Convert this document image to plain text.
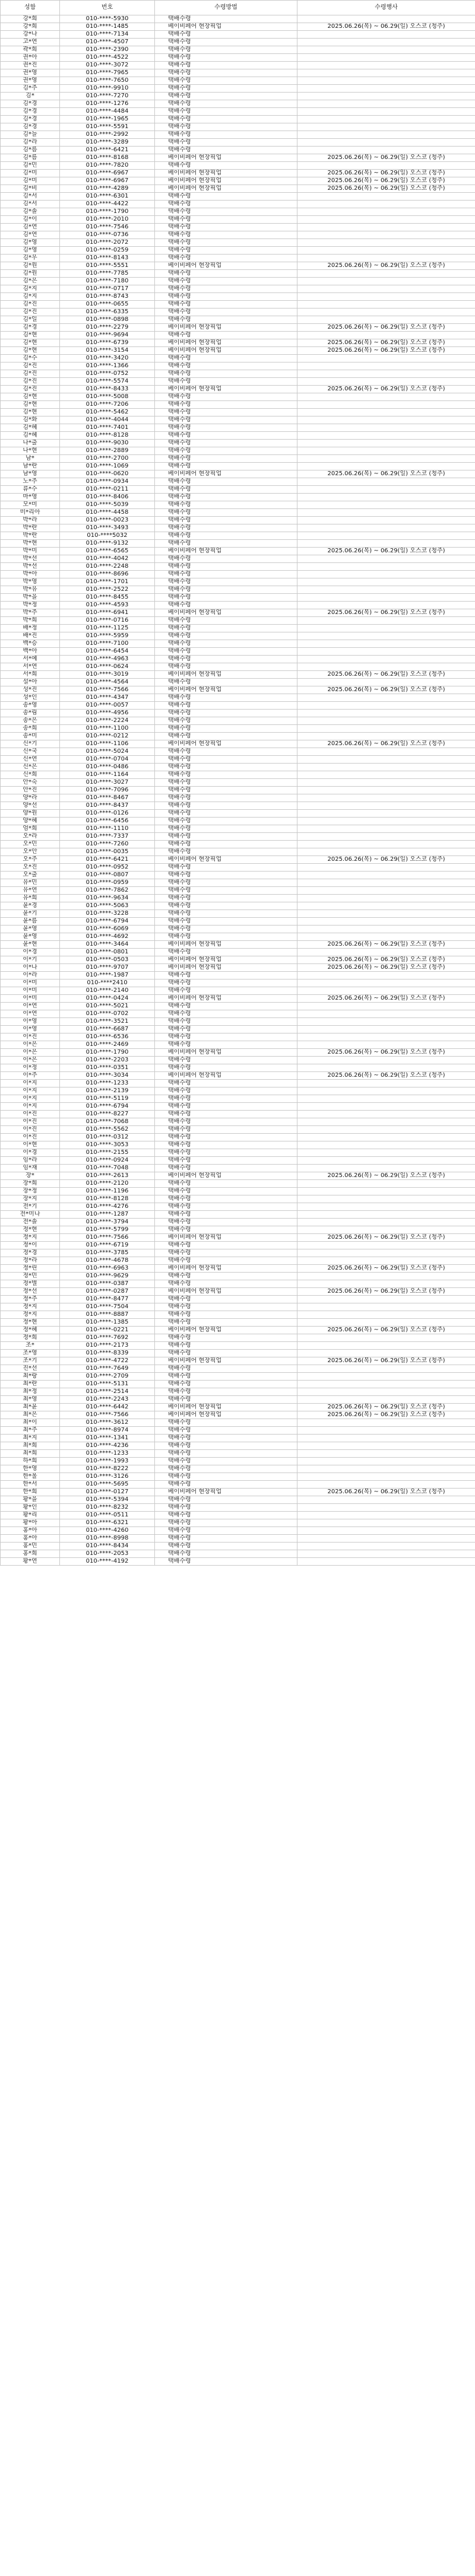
성함	번호	수령방법	수령행사
강*희	010-****-5930	택배수령	
강*희	010-****-1485	베이비페어 현장픽업	2025.06.26(목) ~ 06.29(일) 오스코 (청주)
강*나	010-****-7134	택배수령	
고*연	010-****-4507	택배수령	
곽*희	010-****-2390	택배수령	
권*아	010-****-4522	택배수령	
권*진	010-****-3072	택배수령	
권*영	010-****-7965	택배수령	
권*영	010-****-7650	택배수령	
김*주	010-****-9910	택배수령	
김*	010-****-7270	택배수령	
김*경	010-****-1276	택배수령	
김*경	010-****-4484	택배수령	
김*경	010-****-1965	택배수령	
김*경	010-****-5591	택배수령	
김*늘	010-****-2992	택배수령	
김*라	010-****-3289	택배수령	
김*름	010-****-6421	택배수령	
김*름	010-****-8168	베이비페어 현장픽업	2025.06.26(목) ~ 06.29(일) 오스코 (청주)
김*민	010-****-7820	택배수령	
김*미	010-****-6967	베이비페어 현장픽업	2025.06.26(목) ~ 06.29(일) 오스코 (청주)
김*미	010-****-6967	베이비페어 현장픽업	2025.06.26(목) ~ 06.29(일) 오스코 (청주)
김*비	010-****-4289	베이비페어 현장픽업	2025.06.26(목) ~ 06.29(일) 오스코 (청주)
김*서	010-****-6301	택배수령	
김*서	010-****-4422	택배수령	
김*솔	010-****-1790	택배수령	
김*이	010-****-2010	택배수령	
김*연	010-****-7546	택배수령	
김*연	010-****-0736	택배수령	
김*영	010-****-2072	택배수령	
김*영	010-****-0259	택배수령	
김*우	010-****-8143	택배수령	
김*원	010-****-5551	베이비페어 현장픽업	2025.06.26(목) ~ 06.29(일) 오스코 (청주)
김*원	010-****-7785	택배수령	
김*은	010-****-7180	택배수령	
김*지	010-****-0717	택배수령	
김*지	010-****-8743	택배수령	
김*진	010-****-0655	택배수령	
김*진	010-****-6335	택배수령	
김*일	010-****-0898	택배수령	
김*경	010-****-2279	베이비페어 현장픽업	2025.06.26(목) ~ 06.29(일) 오스코 (청주)
김*현	010-****-9694	택배수령	
김*현	010-****-6739	베이비페어 현장픽업	2025.06.26(목) ~ 06.29(일) 오스코 (청주)
김*현	010-****-3154	베이비페어 현장픽업	2025.06.26(목) ~ 06.29(일) 오스코 (청주)
김*수	010-****-3420	택배수령	
김*진	010-****-1366	택배수령	
김*진	010-****-0752	택배수령	
김*진	010-****-5574	택배수령	
김*진	010-****-8433	베이비페어 현장픽업	2025.06.26(목) ~ 06.29(일) 오스코 (청주)
김*현	010-****-5008	택배수령	
김*현	010-****-7206	택배수령	
김*현	010-****-5462	택배수령	
김*화	010-****-4044	택배수령	
김*혜	010-****-7401	택배수령	
김*혜	010-****-8128	택배수령	
나*출	010-****-9030	택배수령	
나*현	010-****-2889	택배수령	
남*	010-****-2700	택배수령	
남*란	010-****-1069	택배수령	
남*영	010-****-0620	베이비페어 현장픽업	2025.06.26(목) ~ 06.29(일) 오스코 (청주)
노*주	010-****-0934	택배수령	
류*수	010-****-0211	택배수령	
마*영	010-****-8406	택배수령	
모*미	010-****-5039	택배수령	
미*리아	010-****-4458	택배수령	
박*라	010-****-0023	택배수령	
박*란	010-****-3493	택배수령	
박*란	010-****5032	택배수령	
박*현	010-****-9132	택배수령	
박*미	010-****-6565	베이비페어 현장픽업	2025.06.26(목) ~ 06.29(일) 오스코 (청주)
박*선	010-****-4042	택배수령	
박*선	010-****-2248	택배수령	
박*아	010-****-8696	택배수령	
박*영	010-****-1701	택배수령	
박*유	010-****-2522	택배수령	
박*을	010-****-8455	택배수령	
박*정	010-****-4593	택배수령	
박*주	010-****-6941	베이비페어 현장픽업	2025.06.26(목) ~ 06.29(일) 오스코 (청주)
박*희	010-****-0716	택배수령	
배*정	010-****-1125	택배수령	
배*진	010-****-5959	택배수령	
백*승	010-****-7100	택배수령	
백*아	010-****-6454	택배수령	
서*예	010-****-4963	택배수령	
서*연	010-****-0624	택배수령	
서*희	010-****-3019	베이비페어 현장픽업	2025.06.26(목) ~ 06.29(일) 오스코 (청주)
설*아	010-****-4564	택배수령	
성*진	010-****-7566	베이비페어 현장픽업	2025.06.26(목) ~ 06.29(일) 오스코 (청주)
성*인	010-****-4347	택배수령	
송*영	010-****-0057	택배수령	
송*림	010-****-4956	택배수령	
송*은	010-****-2224	택배수령	
송*희	010-****-1100	택배수령	
송*미	010-****-0212	택배수령	
신*기	010-****-1106	베이비페어 현장픽업	2025.06.26(목) ~ 06.29(일) 오스코 (청주)
신*국	010-****-5024	택배수령	
신*연	010-****-0704	택배수령	
신*은	010-****-0486	택배수령	
신*희	010-****-1164	택배수령	
안*숙	010-****-3027	택배수령	
안*진	010-****-7096	택배수령	
양*라	010-****-8467	택배수령	
양*선	010-****-8437	택배수령	
양*원	010-****-0126	택배수령	
양*혜	010-****-6456	택배수령	
엄*희	010-****-1110	택배수령	
오*라	010-****-7337	택배수령	
오*민	010-****-7260	택배수령	
오*안	010-****-0035	택배수령	
오*주	010-****-6421	베이비페어 현장픽업	2025.06.26(목) ~ 06.29(일) 오스코 (청주)
오*진	010-****-0952	택배수령	
오*출	010-****-0807	택배수령	
유*민	010-****-0959	택배수령	
유*연	010-****-7862	택배수령	
유*희	010-****-9634	택배수령	
윤*경	010-****-5063	택배수령	
윤*기	010-****-3228	택배수령	
윤*름	010-****-6794	택배수령	
윤*영	010-****-6069	택배수령	
윤*영	010-****-4692	택배수령	
윤*현	010-****-3464	베이비페어 현장픽업	2025.06.26(목) ~ 06.29(일) 오스코 (청주)
이*경	010-****-0801	택배수령	
이*기	010-****-0503	베이비페어 현장픽업	2025.06.26(목) ~ 06.29(일) 오스코 (청주)
이*나	010-****-9707	베이비페어 현장픽업	2025.06.26(목) ~ 06.29(일) 오스코 (청주)
이*라	010-****-1987	택배수령	
이*미	010-****2410	택배수령	
이*미	010-****-2140	택배수령	
이*미	010-****-0424	베이비페어 현장픽업	2025.06.26(목) ~ 06.29(일) 오스코 (청주)
이*연	010-****-5021	택배수령	
이*연	010-****-0702	택배수령	
이*영	010-****-3521	택배수령	
이*영	010-****-6687	택배수령	
이*진	010-****-6536	택배수령	
이*은	010-****-2469	택배수령	
이*은	010-****-1790	베이비페어 현장픽업	2025.06.26(목) ~ 06.29(일) 오스코 (청주)
이*은	010-****-2203	택배수령	
이*정	010-****-0351	택배수령	
이*주	010-****-3034	베이비페어 현장픽업	2025.06.26(목) ~ 06.29(일) 오스코 (청주)
이*지	010-****-1233	택배수령	
이*지	010-****-2139	택배수령	
이*지	010-****-5119	택배수령	
이*지	010-****-6794	택배수령	
이*진	010-****-8227	택배수령	
이*진	010-****-7068	택배수령	
이*진	010-****-5562	택배수령	
이*진	010-****-0312	택배수령	
이*현	010-****-3053	택배수령	
이*경	010-****-2155	택배수령	
임*라	010-****-0924	택배수령	
임*재	010-****-7048	택배수령	
장*	010-****-2613	베이비페어 현장픽업	2025.06.26(목) ~ 06.29(일) 오스코 (청주)
장*희	010-****-2120	택배수령	
장*정	010-****-1196	택배수령	
장*지	010-****-8128	택배수령	
전*기	010-****-4276	택배수령	
전*미나	010-****-1287	택배수령	
전*솔	010-****-3794	택배수령	
정*현	010-****-5799	택배수령	
정*지	010-****-7566	베이비페어 현장픽업	2025.06.26(목) ~ 06.29(일) 오스코 (청주)
정*이	010-****-6719	택배수령	
정*경	010-****-3785	택배수령	
정*라	010-****-4678	택배수령	
정*린	010-****-6963	베이비페어 현장픽업	2025.06.26(목) ~ 06.29(일) 오스코 (청주)
정*민	010-****-9629	택배수령	
정*별	010-****-0387	택배수령	
정*선	010-****-0287	베이비페어 현장픽업	2025.06.26(목) ~ 06.29(일) 오스코 (청주)
정*주	010-****-8477	택배수령	
정*지	010-****-7504	택배수령	
정*지	010-****-8887	택배수령	
정*현	010-****-1385	택배수령	
정*혜	010-****-0221	베이비페어 현장픽업	2025.06.26(목) ~ 06.29(일) 오스코 (청주)
정*희	010-****-7692	택배수령	
조*	010-****-2173	택배수령	
조*영	010-****-8339	택배수령	
조*기	010-****-4722	베이비페어 현장픽업	2025.06.26(목) ~ 06.29(일) 오스코 (청주)
진*선	010-****-7649	택배수령	
최*랑	010-****-2709	택배수령	
최*란	010-****-5131	택배수령	
최*정	010-****-2514	택배수령	
최*영	010-****-2243	택배수령	
최*윤	010-****-6442	베이비페어 현장픽업	2025.06.26(목) ~ 06.29(일) 오스코 (청주)
최*은	010-****-7566	베이비페어 현장픽업	2025.06.26(목) ~ 06.29(일) 오스코 (청주)
최*이	010-****-3612	택배수령	
최*주	010-****-8974	택배수령	
최*지	010-****-1341	택배수령	
최*희	010-****-4236	택배수령	
최*희	010-****-1233	택배수령	
하*희	010-****-1993	택배수령	
한*영	010-****-8222	택배수령	
한*울	010-****-3126	택배수령	
한*서	010-****-5695	택배수령	
한*희	010-****-0127	베이비페어 현장픽업	2025.06.26(목) ~ 06.29(일) 오스코 (청주)
황*을	010-****-5394	택배수령	
황*인	010-****-8232	택배수령	
황*리	010-****-0511	택배수령	
황*아	010-****-6321	택배수령	
홍*아	010-****-4260	택배수령	
홍*아	010-****-8998	택배수령	
홍*민	010-****-8434	택배수령	
홍*희	010-****-2053	택배수령	
황*연	010-****-4192	택배수령	
